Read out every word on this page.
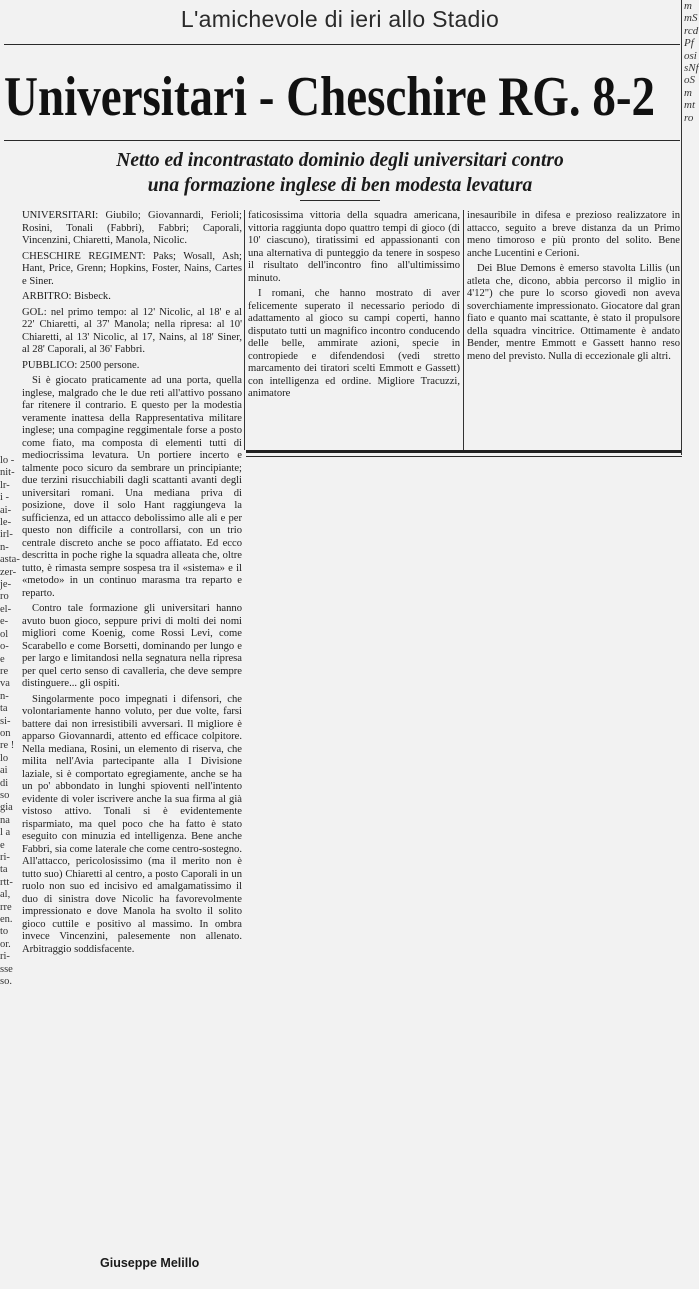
L'amichevole di ieri allo Stadio
Universitari - Cheschire RG. 8-2
Netto ed incontrastato dominio degli universitari contro
una formazione inglese di ben modesta levatura

UNIVERSITARI: Giubilo; Giovannardi, Ferioli; Rosini, Tonali (Fabbri), Fabbri; Caporali, Vincenzini, Chiaretti, Manola, Nicolic.

CHESCHIRE REGIMENT: Paks; Wosall, Ash; Hant, Price, Grenn; Hopkins, Foster, Nains, Cartes e Siner.

ARBITRO: Bisbeck.

GOL: nel primo tempo: al 12' Nicolic, al 18' e al 22' Chiaretti, al 37' Manola; nella ripresa: al 10' Chiaretti, al 13' Nicolic, al 17, Nains, al 18' Siner, al 28' Caporali, al 36' Fabbri.

PUBBLICO: 2500 persone.

Si è giocato praticamente ad una porta, quella inglese, malgrado che le due reti all'attivo possano far ritenere il contrario. E questo per la modestia veramente inattesa della Rappresentativa militare inglese; una compagine reggimentale forse a posto come fiato, ma composta di elementi tutti di mediocrissima levatura. Un portiere incerto e talmente poco sicuro da sembrare un principiante; due terzini risucchiabili dagli scattanti avanti degli universitari romani. Una mediana priva di posizione, dove il solo Hant raggiungeva la sufficienza, ed un attacco debolissimo alle ali e per questo non difficile a controllarsi, con un trio centrale discreto anche se poco affiatato. Ed ecco descritta in poche righe la squadra alleata che, oltre tutto, è rimasta sempre sospesa tra il «sistema» e il «metodo» in un continuo marasma tra reparto e reparto.

Contro tale formazione gli universitari hanno avuto buon gioco, seppure privi di molti dei nomi migliori come Koenig, come Rossi Levi, come Scarabello e come Borsetti, dominando per lungo e per largo e limitandosi nella segnatura nella ripresa per quel certo senso di cavalleria, che deve sempre distinguere... gli ospiti.

Singolarmente poco impegnati i difensori, che volontariamente hanno voluto, per due volte, farsi battere dai non irresistibili avversari. Il migliore è apparso Giovannardi, attento ed efficace colpitore. Nella mediana, Rosini, un elemento di riserva, che milita nell'Avia partecipante alla I Divisione laziale, si è comportato egregiamente, anche se ha un po' abbondato in lunghi spioventi nell'intento evidente di voler iscrivere anche la sua firma al già vistoso attivo. Tonali si è evidentemente risparmiato, ma quel poco che ha fatto è stato eseguito con minuzia ed intelligenza. Bene anche Fabbri, sia come laterale che come centro-sostegno. All'attacco, pericolosissimo (ma il merito non è tutto suo) Chiaretti al centro, a posto Caporali in un ruolo non suo ed incisivo ed amalgamatissimo il duo di sinistra dove Nicolic ha favorevolmente impressionato e dove Manola ha svolto il solito gioco cuttile e positivo al massimo. In ombra invece Vincenzini, palesemente non allenato. Arbitraggio soddisfacente.

Giuseppe Melillo

faticosissima vittoria della squadra americana, vittoria raggiunta dopo quattro tempi di gioco (di 10' ciascuno), tiratissimi ed appassionanti con una alternativa di punteggio da tenere in sospeso il risultato dell'incontro fino all'ultimissimo minuto.

I romani, che hanno mostrato di aver felicemente superato il necessario periodo di adattamento al gioco su campi coperti, hanno disputato tutti un magnifico incontro conducendo delle belle, ammirate azioni, specie in contropiede e difendendosi (vedi stretto marcamento dei tiratori scelti Emmott e Gassett) con intelligenza ed ordine. Migliore Tracuzzi, animatore

inesauribile in difesa e prezioso realizzatore in attacco, seguito a breve distanza da un Primo meno timoroso e più pronto del solito. Bene anche Lucentini e Cerioni.

Dei Blue Demons è emerso stavolta Lillis (un atleta che, dicono, abbia percorso il miglio in 4'12") che pure lo scorso giovedì non aveva soverchiamente impressionato. Giocatore dal gran fiato e quanto mai scattante, è stato il propulsore della squadra vincitrice. Ottimamente è andato Bender, mentre Emmott e Gassett hanno reso meno del previsto. Nulla di eccezionale gli altri.

mmSrcdPfosisNfoSmmtro
lo - nit- lr- i -ai- le- irl- n- asta- zer- je- ro el- e- ol o- e re va n- ta si- on re ! lo ai di so gia na l a e ri- ta rtt- al, rre en. to or. ri- sse so.
